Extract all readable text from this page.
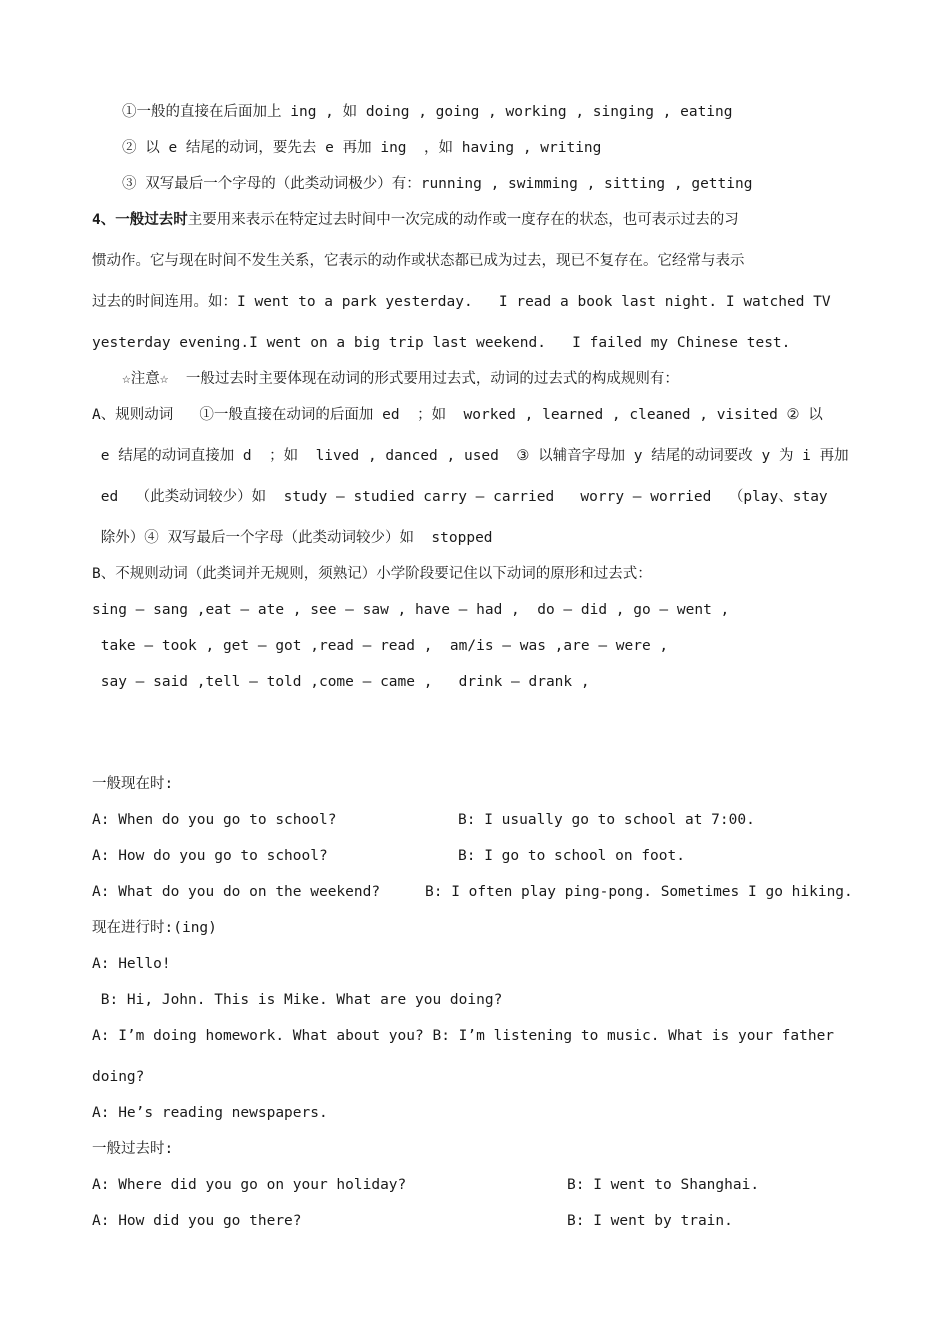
①一般的直接在后面加上 ing , 如 doing , going , working , singing , eating
② 以 e 结尾的动词，要先去 e 再加 ing  ，如 having , writing
③ 双写最后一个字母的（此类动词极少）有：running , swimming , sitting , getting
4、一般过去时主要用来表示在特定过去时间中一次完成的动作或一度存在的状态，也可表示过去的习
惯动作。它与现在时间不发生关系，它表示的动作或状态都已成为过去，现已不复存在。它经常与表示
过去的时间连用。如：I went to a park yesterday.   I read a book last night. I watched TV
yesterday evening.I went on a big trip last weekend.   I failed my Chinese test.
☆注意☆  一般过去时主要体现在动词的形式要用过去式，动词的过去式的构成规则有：
A、规则动词   ①一般直接在动词的后面加 ed  ；如  worked , learned , cleaned , visited ② 以
e 结尾的动词直接加 d  ；如  lived , danced , used  ③ 以辅音字母加 y 结尾的动词要改 y 为 i 再加
ed  （此类动词较少）如  study – studied carry – carried   worry – worried  （play、stay
除外）④ 双写最后一个字母（此类动词较少）如  stopped
B、不规则动词（此类词并无规则，须熟记）小学阶段要记住以下动词的原形和过去式：
sing – sang ,eat – ate , see – saw , have – had ,  do – did , go – went ,
take – took , get – got ,read – read ,  am/is – was ,are – were ,
say – said ,tell – told ,come – came ,   drink – drank ,
一般现在时:
A: When do you go to school?	B: I usually go to school at 7:00.
A: How do you go to school?	B: I go to school on foot.
A: What do you do on the weekend?	B: I often play ping-pong. Sometimes I go hiking.
现在进行时:(ing)
A: Hello!
B: Hi, John. This is Mike. What are you doing?
A: I’m doing homework. What about you? B: I’m listening to music. What is your father
doing?
A: He’s reading newspapers.
一般过去时:
A: Where did you go on your holiday?	B: I went to Shanghai.
A: How did you go there?	B: I went by train.
